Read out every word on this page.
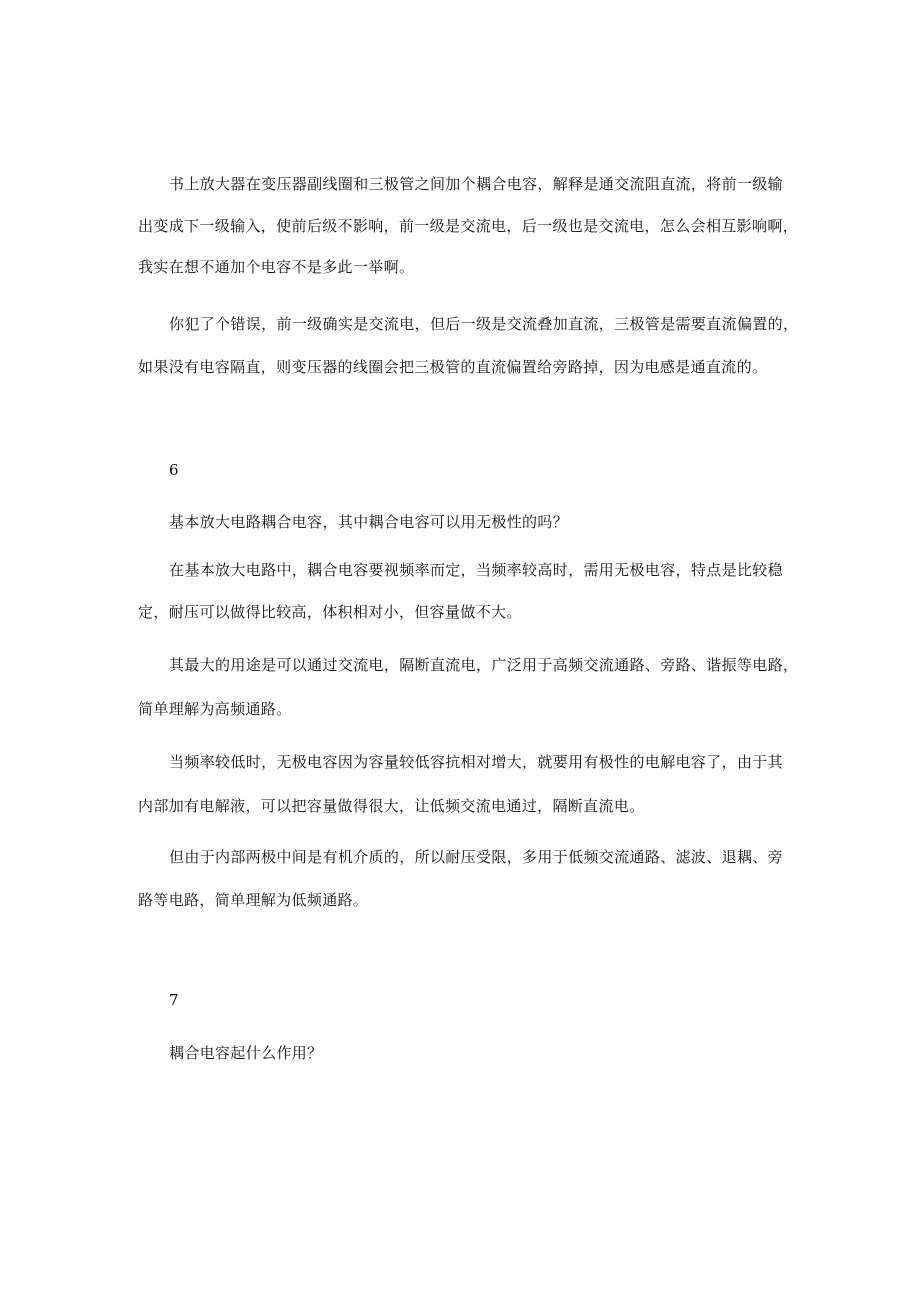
书上放大器在变压器副线圈和三极管之间加个耦合电容，解释是通交流阻直流，将前一级输
出变成下一级输入，使前后级不影响，前一级是交流电，后一级也是交流电，怎么会相互影响啊，
我实在想不通加个电容不是多此一举啊。
你犯了个错误，前一级确实是交流电，但后一级是交流叠加直流，三极管是需要直流偏置的，
如果没有电容隔直，则变压器的线圈会把三极管的直流偏置给旁路掉，因为电感是通直流的。
6
基本放大电路耦合电容，其中耦合电容可以用无极性的吗？
在基本放大电路中，耦合电容要视频率而定，当频率较高时，需用无极电容，特点是比较稳
定，耐压可以做得比较高，体积相对小，但容量做不大。
其最大的用途是可以通过交流电，隔断直流电，广泛用于高频交流通路、旁路、谐振等电路，
简单理解为高频通路。
当频率较低时，无极电容因为容量较低容抗相对增大，就要用有极性的电解电容了，由于其
内部加有电解液，可以把容量做得很大，让低频交流电通过，隔断直流电。
但由于内部两极中间是有机介质的，所以耐压受限，多用于低频交流通路、滤波、退耦、旁
路等电路，简单理解为低频通路。
7
耦合电容起什么作用？
